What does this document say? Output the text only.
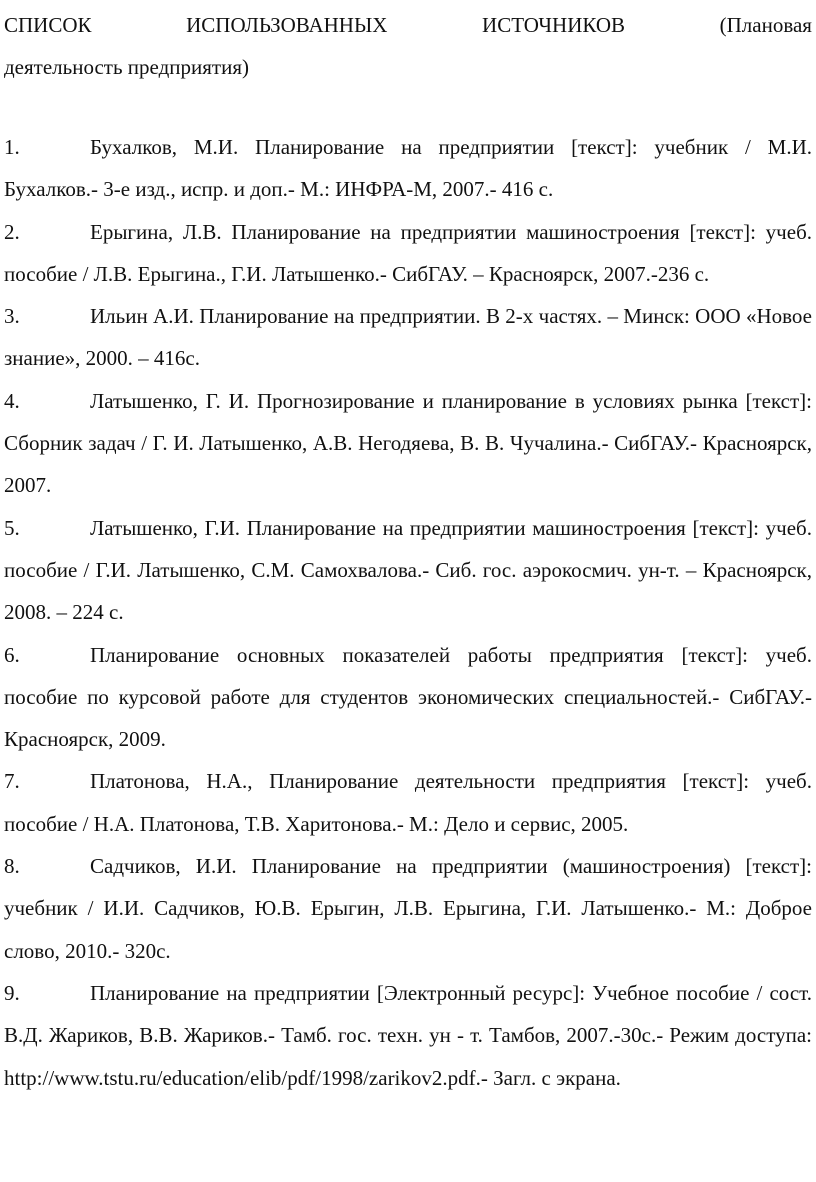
СПИСОК	ИСПОЛЬЗОВАННЫХ	ИСТОЧНИКОВ	(Плановая
деятельность предприятия)
1.	Бухалков, М.И. Планирование на предприятии [текст]: учебник / М.И. Бухалков.- 3-е изд., испр. и доп.- М.: ИНФРА-М, 2007.- 416 с.
2.	Ерыгина, Л.В. Планирование на предприятии машиностроения [текст]: учеб. пособие / Л.В. Ерыгина., Г.И. Латышенко.- СибГАУ. – Красноярск, 2007.-236 с.
3.	Ильин А.И. Планирование на предприятии. В 2-х частях. – Минск: ООО «Новое знание», 2000. – 416с.
4.	Латышенко, Г. И. Прогнозирование и планирование в условиях рынка [текст]: Сборник задач / Г. И. Латышенко, А.В. Негодяева, В. В. Чучалина.- СибГАУ.- Красноярск, 2007.
5.	Латышенко, Г.И. Планирование на предприятии машиностроения [текст]: учеб. пособие / Г.И. Латышенко, С.М. Самохвалова.- Сиб. гос. аэрокосмич. ун-т. – Красноярск, 2008. – 224 с.
6.	Планирование основных показателей работы предприятия [текст]: учеб. пособие по курсовой работе для студентов экономических специальностей.- СибГАУ.- Красноярск, 2009.
7.	Платонова, Н.А., Планирование деятельности предприятия [текст]: учеб. пособие / Н.А. Платонова, Т.В. Харитонова.- М.: Дело и сервис, 2005.
8.	Садчиков, И.И. Планирование на предприятии (машиностроения) [текст]: учебник / И.И. Садчиков, Ю.В. Ерыгин, Л.В. Ерыгина, Г.И. Латышенко.- М.: Доброе слово, 2010.- 320с.
9.	Планирование на предприятии [Электронный ресурс]: Учебное пособие / сост. В.Д. Жариков, В.В. Жариков.- Тамб. гос. техн. ун - т. Тамбов, 2007.-30с.- Режим доступа:
http://www.tstu.ru/education/elib/pdf/1998/zarikov2.pdf.- Загл. с экрана.
